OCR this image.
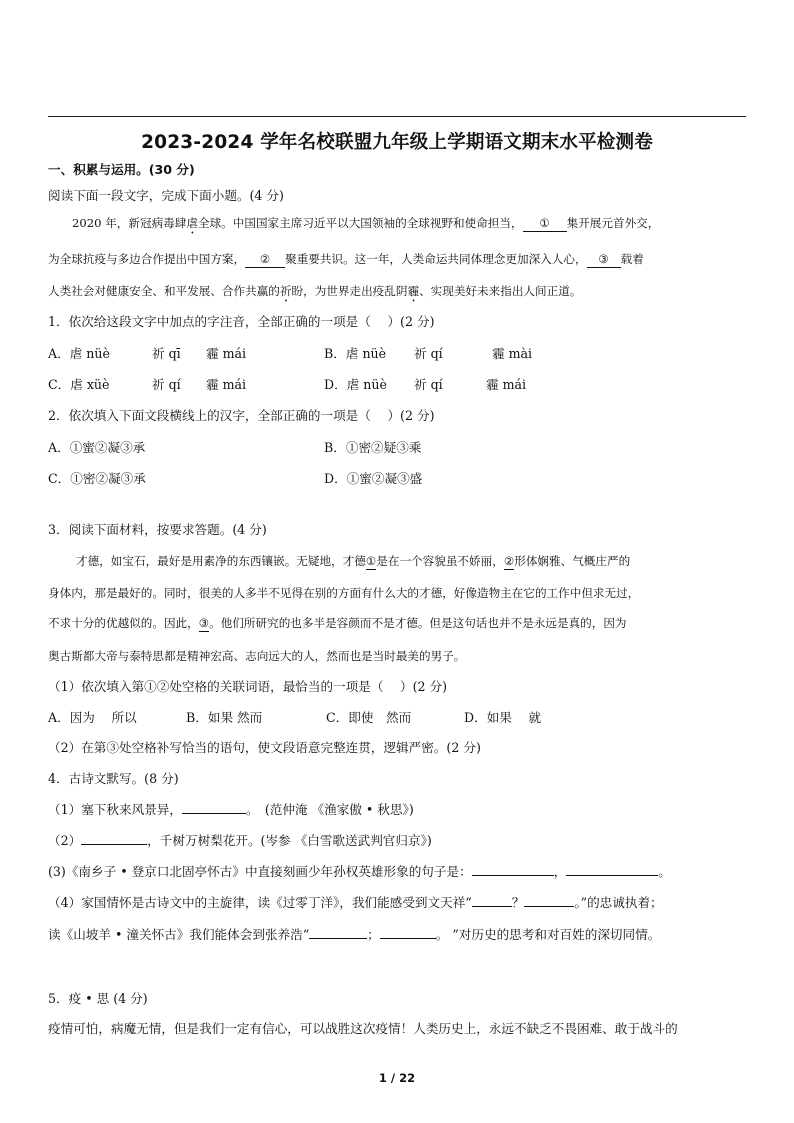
2023-2024 学年名校联盟九年级上学期语文期末水平检测卷
一、积累与运用。(30 分)
阅读下面一段文字，完成下面小题。(4 分)
2020 年，新冠病毒肆虐全球。中国国家主席习近平以大国领袖的全球视野和使命担当， ① 集开展元首外交，
为全球抗疫与多边合作提出中国方案， ② 聚重要共识。这一年，人类命运共同体理念更加深入人心， ③ 载着
人类社会对健康安全、和平发展、合作共赢的祈盼，为世界走出疫乱阴霾、实现美好未来指出人间正道。
1．依次给这段文字中加点的字注音，全部正确的一项是（　 ）(2 分)
A．虐 nüè	祈 qī 霾 mái	B．虐 nüè 祈 qí	霾 mài
C．虐 xüè	祈 qí 霾 mái	D．虐 nüè 祈 qí	霾 mái
2．依次填入下面文段横线上的汉字，全部正确的一项是（　 ）(2 分)
A．①蜜②凝③承	B．①密②疑③乘
C．①密②凝③承	D．①蜜②凝③盛
3．阅读下面材料，按要求答题。(4 分)
才德，如宝石，最好是用素净的东西镶嵌。无疑地，才德①是在一个容貌虽不娇丽，②形体娴雅、气概庄严的
身体内，那是最好的。同时，很美的人多半不见得在别的方面有什么大的才德，好像造物主在它的工作中但求无过，
不求十分的优越似的。因此，③。他们所研究的也多半是容颜而不是才德。但是这句话也并不是永远是真的，因为
奥古斯都大帝与泰特思都是精神宏高、志向远大的人，然而也是当时最美的男子。
（1）依次填入第①②处空格的关联词语，最恰当的一项是（　 ）(2 分)
A．因为　 所以	B．如果 然而	C．即使　然而	D．如果　 就
（2）在第③处空格补写恰当的语句，使文段语意完整连贯，逻辑严密。(2 分)
4．古诗文默写。(8 分)
（1）塞下秋来风景异，	。　(范仲淹 《渔家傲 • 秋思》)
（2）	，千树万树梨花开。(岑参 《白雪歌送武判官归京》)
(3)《南乡子 • 登京口北固亭怀古》中直接刻画少年孙权英雄形象的句子是：	，	。
（4）家国情怀是古诗文中的主旋律，读《过零丁洋》，我们能感受到文天祥“	？	。”的忠诚执着；
读《山坡羊 • 潼关怀古》我们能体会到张养浩“	；	。 ”对历史的思考和对百姓的深切同情。
5．疫 • 思 (4 分)
疫情可怕，病魔无情，但是我们一定有信心，可以战胜这次疫情！人类历史上，永远不缺乏不畏困难、敢于战斗的
1 / 22
